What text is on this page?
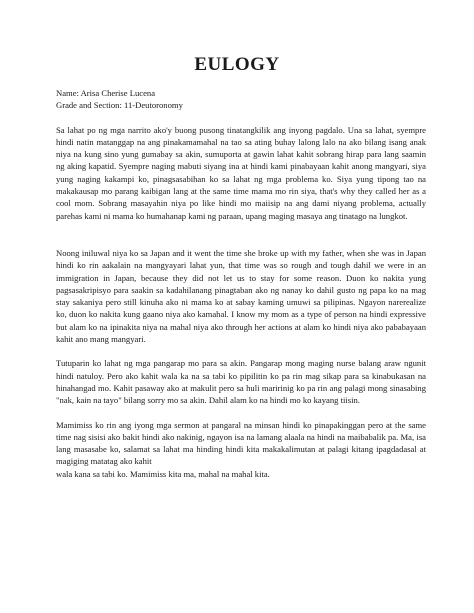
EULOGY

Name: Arisa Cherise Lucena

Grade and Section: 11-Deutoronomy

Sa lahat po ng mga narrito ako'y buong pusong tinatangkilik ang inyong pagdalo. Una sa lahat, syempre hindi natin matanggap na ang pinakamamahal na tao sa ating buhay lalong lalo na ako bilang isang anak niya na kung sino yung gumabay sa akin, sumuporta at gawin lahat kahit sobrang hirap para lang saamin ng aking kapatid. Syempre naging mabuti siyang ina at hindi kami pinabayaan kahit anong mangyari, siya yung naging kakampi ko, pinagsasabihan ko sa lahat ng mga problema ko. Siya yung tipong tao na makakausap mo parang kaibigan lang at the same time mama mo rin siya, that's why they called her as a cool mom. Sobrang masayahin niya po like hindi mo maiisip na ang dami niyang problema, actually parehas kami ni mama ko humahanap kami ng paraan, upang maging masaya ang tinatago na lungkot.

Noong iniluwal niya ko sa Japan and it went the time she broke up with my father, when she was in Japan hindi ko rin aakalain na mangyayari lahat yun, that time was so rough and tough dahil we were in an immigration in Japan, because they did not let us to stay for some reason. Duon ko nakita yung pagsasakripisyo para saakin sa kadahilanang pinagtaban ako ng nanay ko dahil gusto ng papa ko na mag stay sakaniya pero still kinuha ako ni mama ko at sabay kaming umuwi sa pilipinas. Ngayon narerealize ko, duon ko nakita kung gaano niya ako kamahal. I know my mom as a type of person na hindi expressive but alam ko na ipinakita niya na mahal niya ako through her actions at alam ko hindi niya ako pababayaan kahit ano mang mangyari.

Tutuparin ko lahat ng mga pangarap mo para sa akin. Pangarap mong maging nurse balang araw ngunit hindi natuloy. Pero ako kahit wala ka na sa tabi ko pipilitin ko pa rin mag sikap para sa kinabukasan na hinahangad mo. Kahit pasaway ako at makulit pero sa huli maririnig ko pa rin ang palagi mong sinasabing "nak, kain na tayo" bilang sorry mo sa akin. Dahil alam ko na hindi mo ko kayang tiisin.

Mamimiss ko rin ang iyong mga sermon at pangaral na minsan hindi ko pinapakinggan pero at the same time nag sisisi ako bakit hindi ako nakinig, ngayon isa na lamang alaala na hindi na maibabalik pa. Ma, isa lang masasabe ko, salamat sa lahat ma hinding hindi kita makakalimutan at palagi kitang ipagdadasal at magiging matatag ako kahit

wala kana sa tabi ko. Mamimiss kita ma, mahal na mahal kita.
